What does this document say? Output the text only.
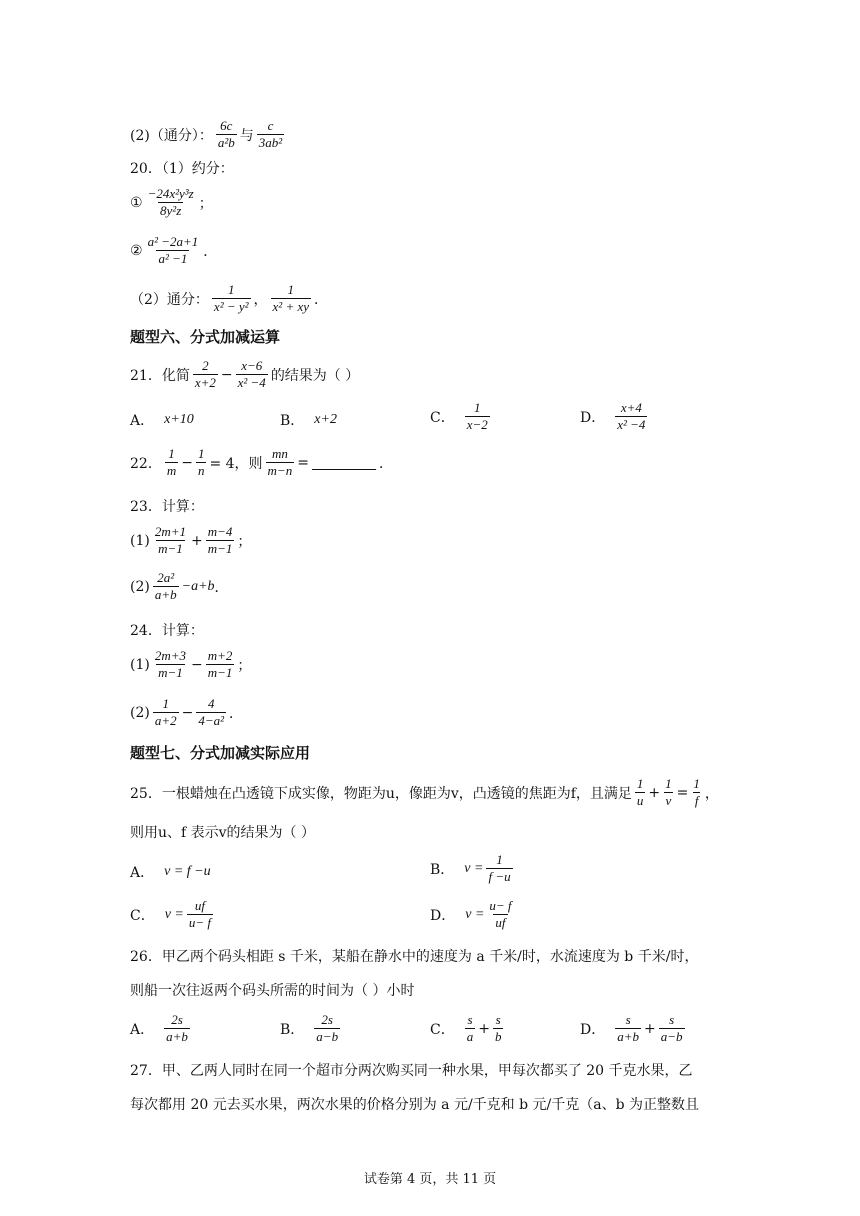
(2)（通分）： $\frac{6c}{\text{a²b}}$ 与 $\frac{c}{\text{3ab²}}$
20．（1）约分：
① $\frac{\text{−24x²y³z}}{\text{8y²z}}$ ；
② $\frac{\text{a² −2a+1}}{\text{a² −1}}$ ．
（2）通分： $\frac{1}{\text{x² − y²}}$ ， $\frac{1}{\text{x² + xy}}$ ．
题型六、分式加减运算
21．化简 $\frac{2}{x+2} - \frac{x-6}{\text{x² −4}}$ 的结果为（ ）
A． x+10	B． x+2	C． $\frac{1}{x-2}$	D． $\frac{x+4}{\text{x² −4}}$
22． $\frac{1}{m} - \frac{1}{n} = 4$，则 $\frac{mn}{m-n}$ =	．
23．计算：
$(1) \frac{2m+1}{m-1} + \frac{m-4}{m-1}$ ；
$(2) \frac{\text{2a²}}{a+b} -a+b$ ．
24．计算：
$(1) \frac{2m+3}{m-1} - \frac{m+2}{m-1}$ ；
$(2) \frac{1}{a+2} - \frac{4}{\text{4−a²}}$ ．
题型七、分式加减实际应用
25．一根蜡烛在凸透镜下成实像，物距为u，像距为v，凸透镜的焦距为f，且满足 $\frac{1}{u} + \frac{1}{v} = \frac{1}{f}$ ，
则用u、f 表示v的结果为（ ）
A． v = f −u	B． $v = \frac{1}{f -u}$
C． $v = \frac{uf}{u- f}$	D． $v = \frac{u- f}{uf}$
26．甲乙两个码头相距 s 千米，某船在静水中的速度为 a 千米/时，水流速度为 b 千米/时，
则船一次往返两个码头所需的时间为（ ）小时
A． $\frac{2s}{a+b}$	B． $\frac{2s}{a-b}$	C． $\frac{s}{a} + \frac{s}{b}$	D． $\frac{s}{a+b} + \frac{s}{a-b}$
27．甲、乙两人同时在同一个超市分两次购买同一种水果，甲每次都买了 20 千克水果，乙
每次都用 20 元去买水果，两次水果的价格分别为 a 元/千克和 b 元/千克（a、b 为正整数且
试卷第 4 页，共 11 页
